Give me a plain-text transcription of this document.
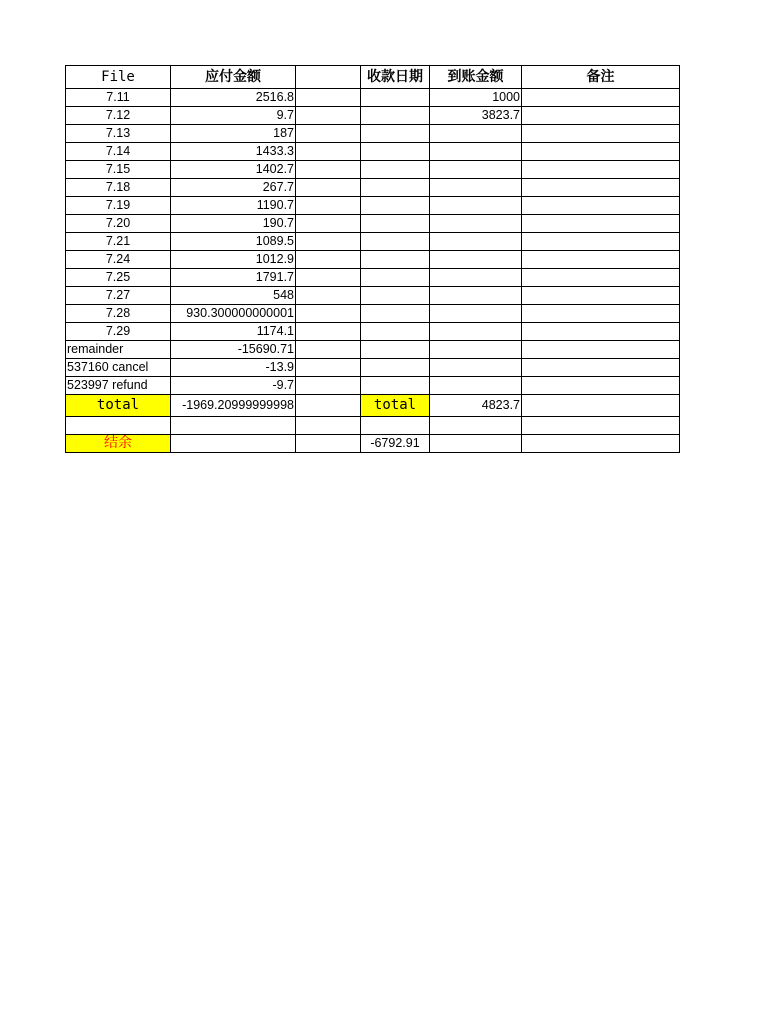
File	应付金额		收款日期	到账金额	备注
7.11	2516.8			1000	
7.12	9.7			3823.7	
7.13	187				
7.14	1433.3				
7.15	1402.7				
7.18	267.7				
7.19	1190.7				
7.20	190.7				
7.21	1089.5				
7.24	1012.9				
7.25	1791.7				
7.27	548				
7.28	930.300000000001				
7.29	1174.1				
remainder	-15690.71				
537160 cancel	-13.9				
523997 refund	-9.7				
total	-1969.20999999998		total	4823.7	

结余			-6792.91		
